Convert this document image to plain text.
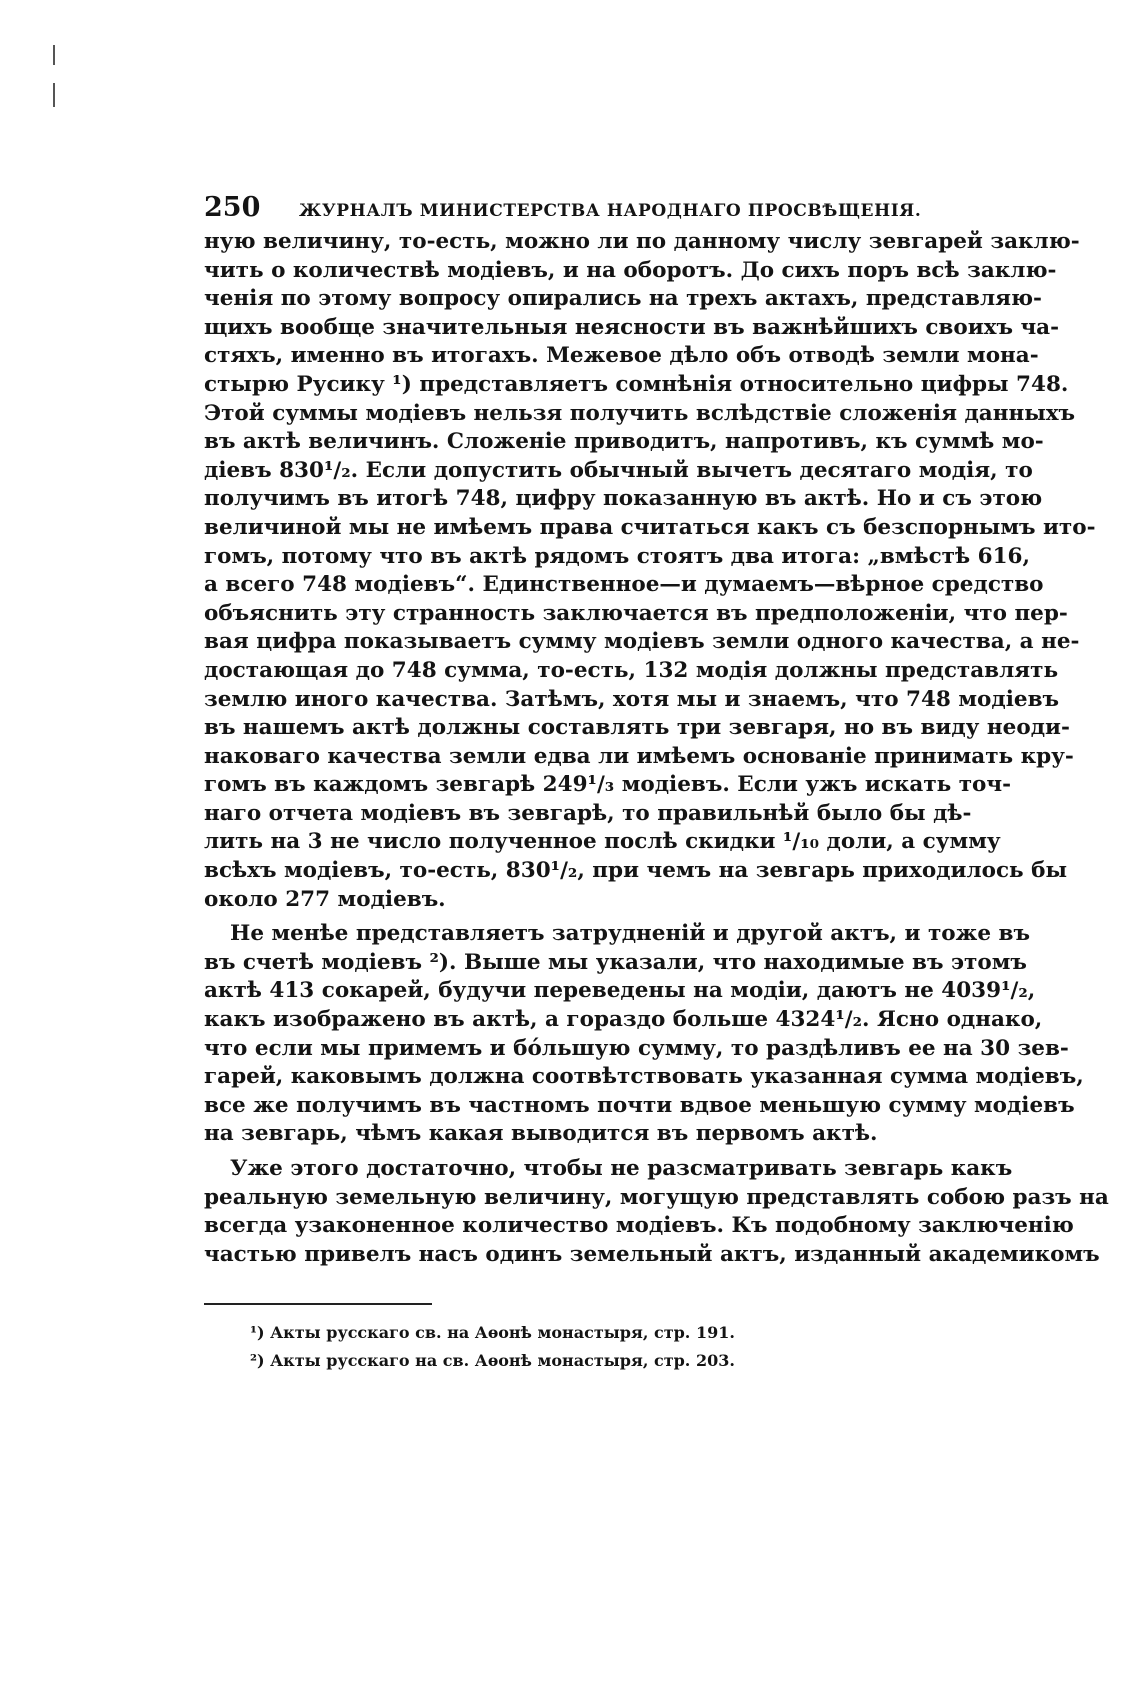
250	ЖУРНАЛЪ МИНИСТЕРСТВА НАРОДНАГО ПРОСВѢЩЕНІЯ.
ную величину, то-есть, можно ли по данному числу зевгарей заклю-
чить о количествѣ модіевъ, и на оборотъ. До сихъ поръ всѣ заклю-
ченія по этому вопросу опирались на трехъ актахъ, представляю-
щихъ вообще значительныя неясности въ важнѣйшихъ своихъ ча-
стяхъ, именно въ итогахъ. Межевое дѣло объ отводѣ земли мона-
стырю Русику ¹) представляетъ сомнѣнія относительно цифры 748.
Этой суммы модіевъ нельзя получить вслѣдствіе сложенія данныхъ
въ актѣ величинъ. Сложеніе приводитъ, напротивъ, къ суммѣ мо-
діевъ 830¹/₂. Если допустить обычный вычетъ десятаго модія, то
получимъ въ итогѣ 748, цифру показанную въ актѣ. Но и съ этою
величиной мы не имѣемъ права считаться какъ съ безспорнымъ ито-
гомъ, потому что въ актѣ рядомъ стоятъ два итога: „вмѣстѣ 616,
а всего 748 модіевъ“. Единственное—и думаемъ—вѣрное средство
объяснить эту странность заключается въ предположеніи, что пер-
вая цифра показываетъ сумму модіевъ земли одного качества, а не-
достающая до 748 сумма, то-есть, 132 модія должны представлять
землю иного качества. Затѣмъ, хотя мы и знаемъ, что 748 модіевъ
въ нашемъ актѣ должны составлять три зевгаря, но въ виду неоди-
наковаго качества земли едва ли имѣемъ основаніе принимать кру-
гомъ въ каждомъ зевгарѣ 249¹/₃ модіевъ. Если ужъ искать точ-
наго отчета модіевъ въ зевгарѣ, то правильнѣй было бы дѣ-
лить на 3 не число полученное послѣ скидки ¹/₁₀ доли, а сумму
всѣхъ модіевъ, то-есть, 830¹/₂, при чемъ на зевгарь приходилось бы
около 277 модіевъ.
Не менѣе представляетъ затрудненій и другой актъ, и тоже въ
въ счетѣ модіевъ ²). Выше мы указали, что находимые въ этомъ
актѣ 413 сокарей, будучи переведены на модіи, даютъ не 4039¹/₂,
какъ изображено въ актѣ, а гораздо больше 4324¹/₂. Ясно однако,
что если мы примемъ и бо́льшую сумму, то раздѣливъ ее на 30 зев-
гарей, каковымъ должна соотвѣтствовать указанная сумма модіевъ,
все же получимъ въ частномъ почти вдвое меньшую сумму модіевъ
на зевгарь, чѣмъ какая выводится въ первомъ актѣ.
Уже этого достаточно, чтобы не разсматривать зевгарь какъ
реальную земельную величину, могущую представлять собою разъ на
всегда узаконенное количество модіевъ. Къ подобному заключенію
частью привелъ насъ одинъ земельный актъ, изданный академикомъ
¹) Акты русскаго св. на Аѳонѣ монастыря, стр. 191.
²) Акты русскаго на св. Аѳонѣ монастыря, стр. 203.
